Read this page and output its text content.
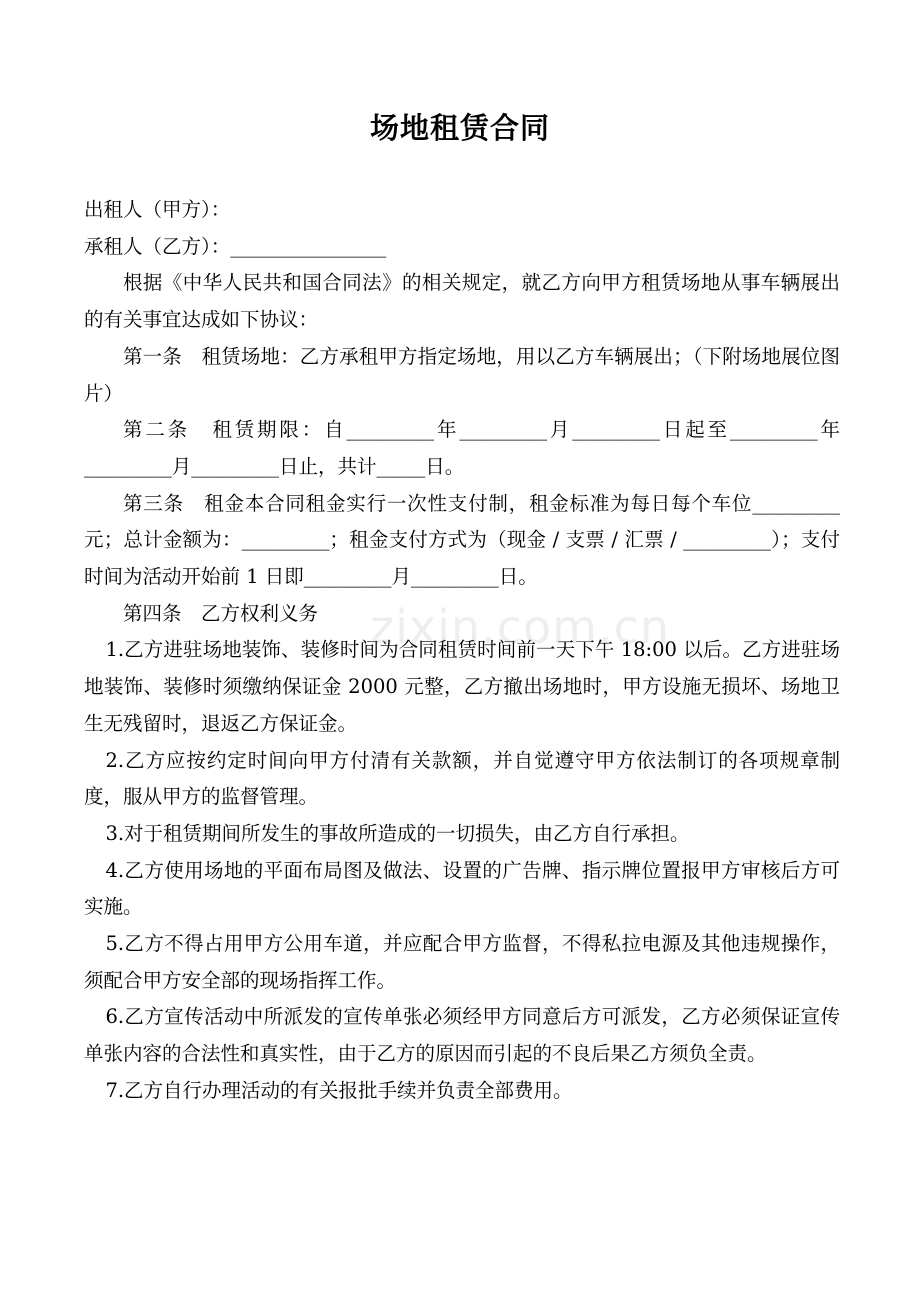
场地租赁合同

出租人（甲方）：

承租人（乙方）：________________

根据《中华人民共和国合同法》的相关规定，就乙方向甲方租赁场地从事车辆展出的有关事宜达成如下协议：

第一条　租赁场地：乙方承租甲方指定场地，用以乙方车辆展出；（下附场地展位图片）

第二条　租赁期限：自_________年_________月_________日起至_________年_________月_________日止，共计_____日。

第三条　租金本合同租金实行一次性支付制，租金标准为每日每个车位_________元；总计金额为：_________；租金支付方式为（现金 / 支票 / 汇票 / _________）；支付时间为活动开始前 1 日即_________月_________日。

第四条　乙方权利义务

1.乙方进驻场地装饰、装修时间为合同租赁时间前一天下午 18:00 以后。乙方进驻场地装饰、装修时须缴纳保证金 2000 元整，乙方撤出场地时，甲方设施无损坏、场地卫生无残留时，退返乙方保证金。

2.乙方应按约定时间向甲方付清有关款额，并自觉遵守甲方依法制订的各项规章制度，服从甲方的监督管理。

3.对于租赁期间所发生的事故所造成的一切损失，由乙方自行承担。

4.乙方使用场地的平面布局图及做法、设置的广告牌、指示牌位置报甲方审核后方可实施。

5.乙方不得占用甲方公用车道，并应配合甲方监督，不得私拉电源及其他违规操作，须配合甲方安全部的现场指挥工作。

6.乙方宣传活动中所派发的宣传单张必须经甲方同意后方可派发，乙方必须保证宣传单张内容的合法性和真实性，由于乙方的原因而引起的不良后果乙方须负全责。

7.乙方自行办理活动的有关报批手续并负责全部费用。

zixin.com.cn
